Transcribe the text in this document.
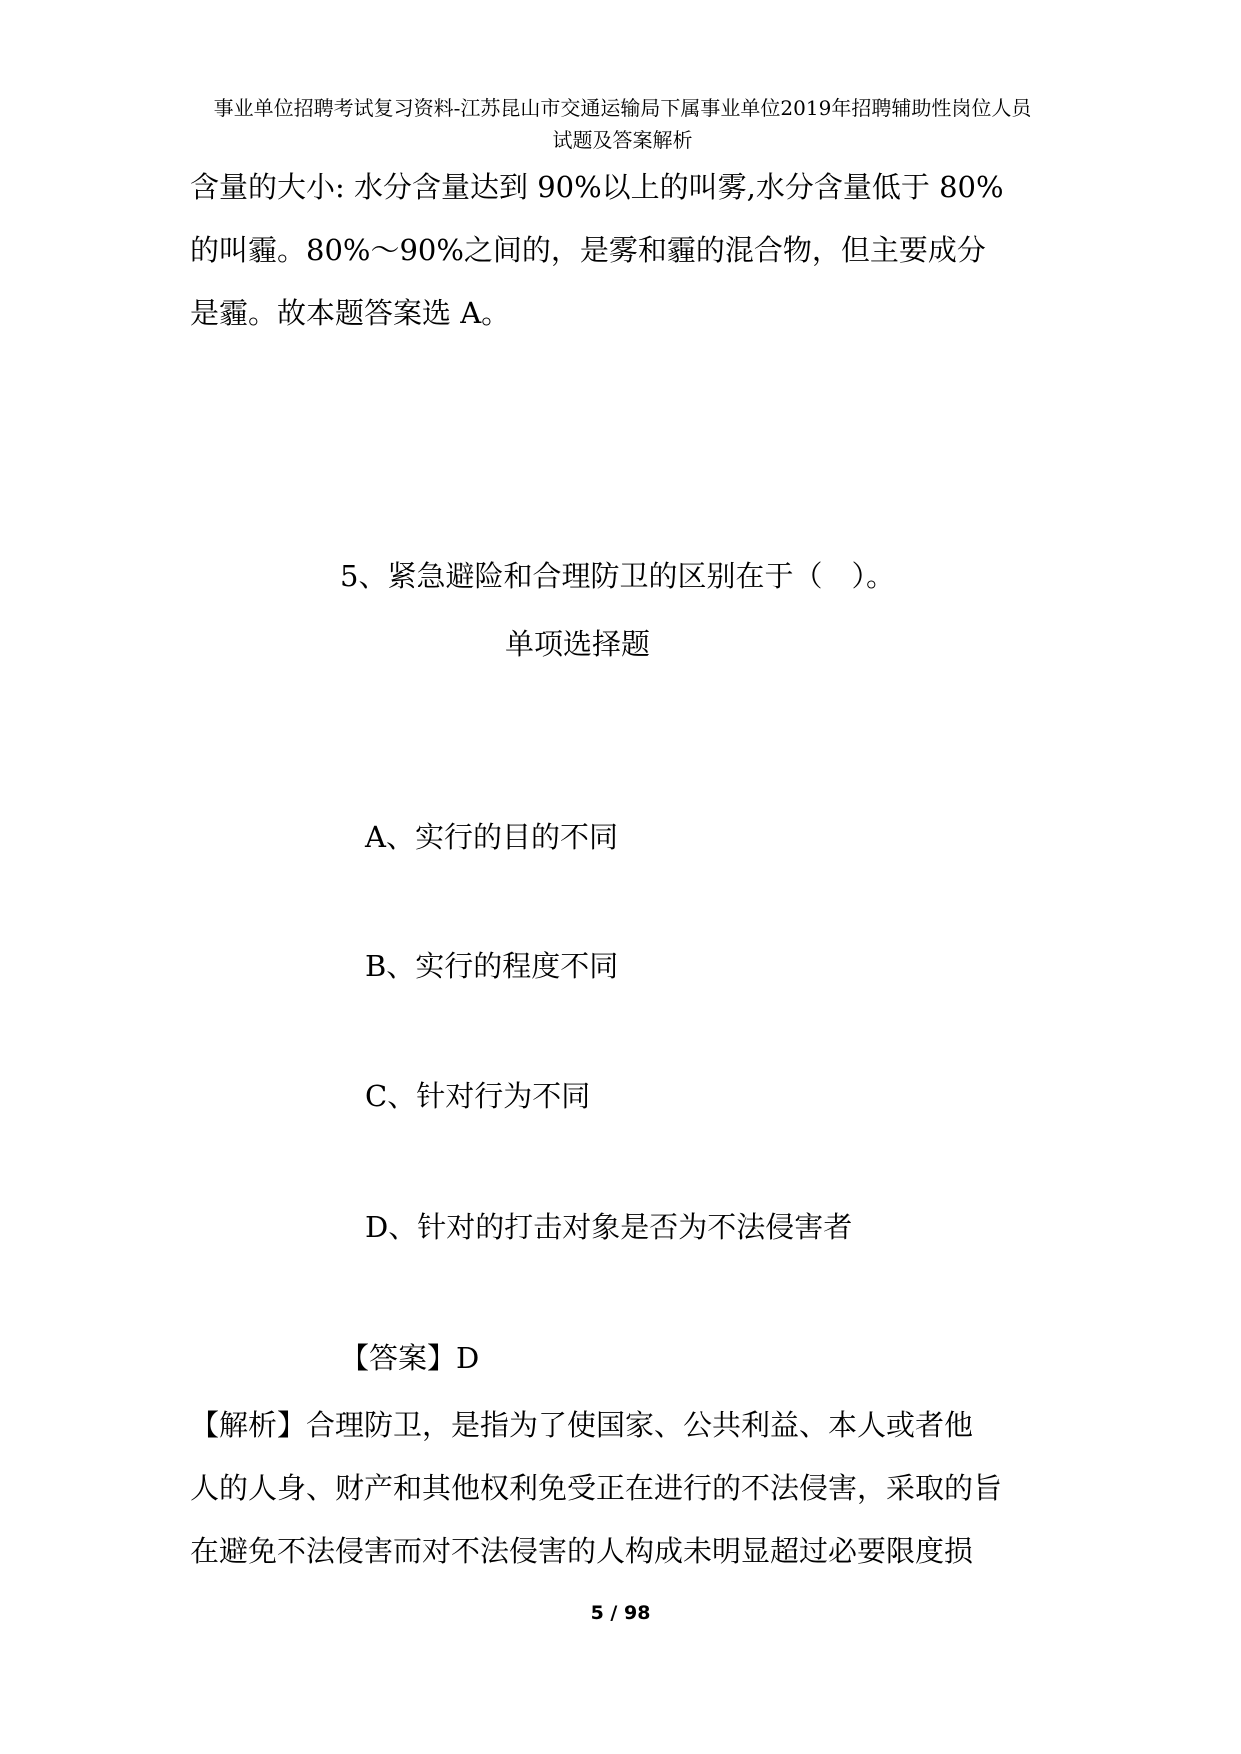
事业单位招聘考试复习资料-江苏昆山市交通运输局下属事业单位2019年招聘辅助性岗位人员
试题及答案解析
含量的大小: 水分含量达到 90%以上的叫雾,水分含量低于 80%
的叫霾。80%～90%之间的，是雾和霾的混合物，但主要成分
是霾。故本题答案选 A。
5、紧急避险和合理防卫的区别在于（　）。
单项选择题
A、实行的目的不同
B、实行的程度不同
C、针对行为不同
D、针对的打击对象是否为不法侵害者
【答案】D
【解析】合理防卫，是指为了使国家、公共利益、本人或者他
人的人身、财产和其他权利免受正在进行的不法侵害，采取的旨
在避免不法侵害而对不法侵害的人构成未明显超过必要限度损
5 / 98
